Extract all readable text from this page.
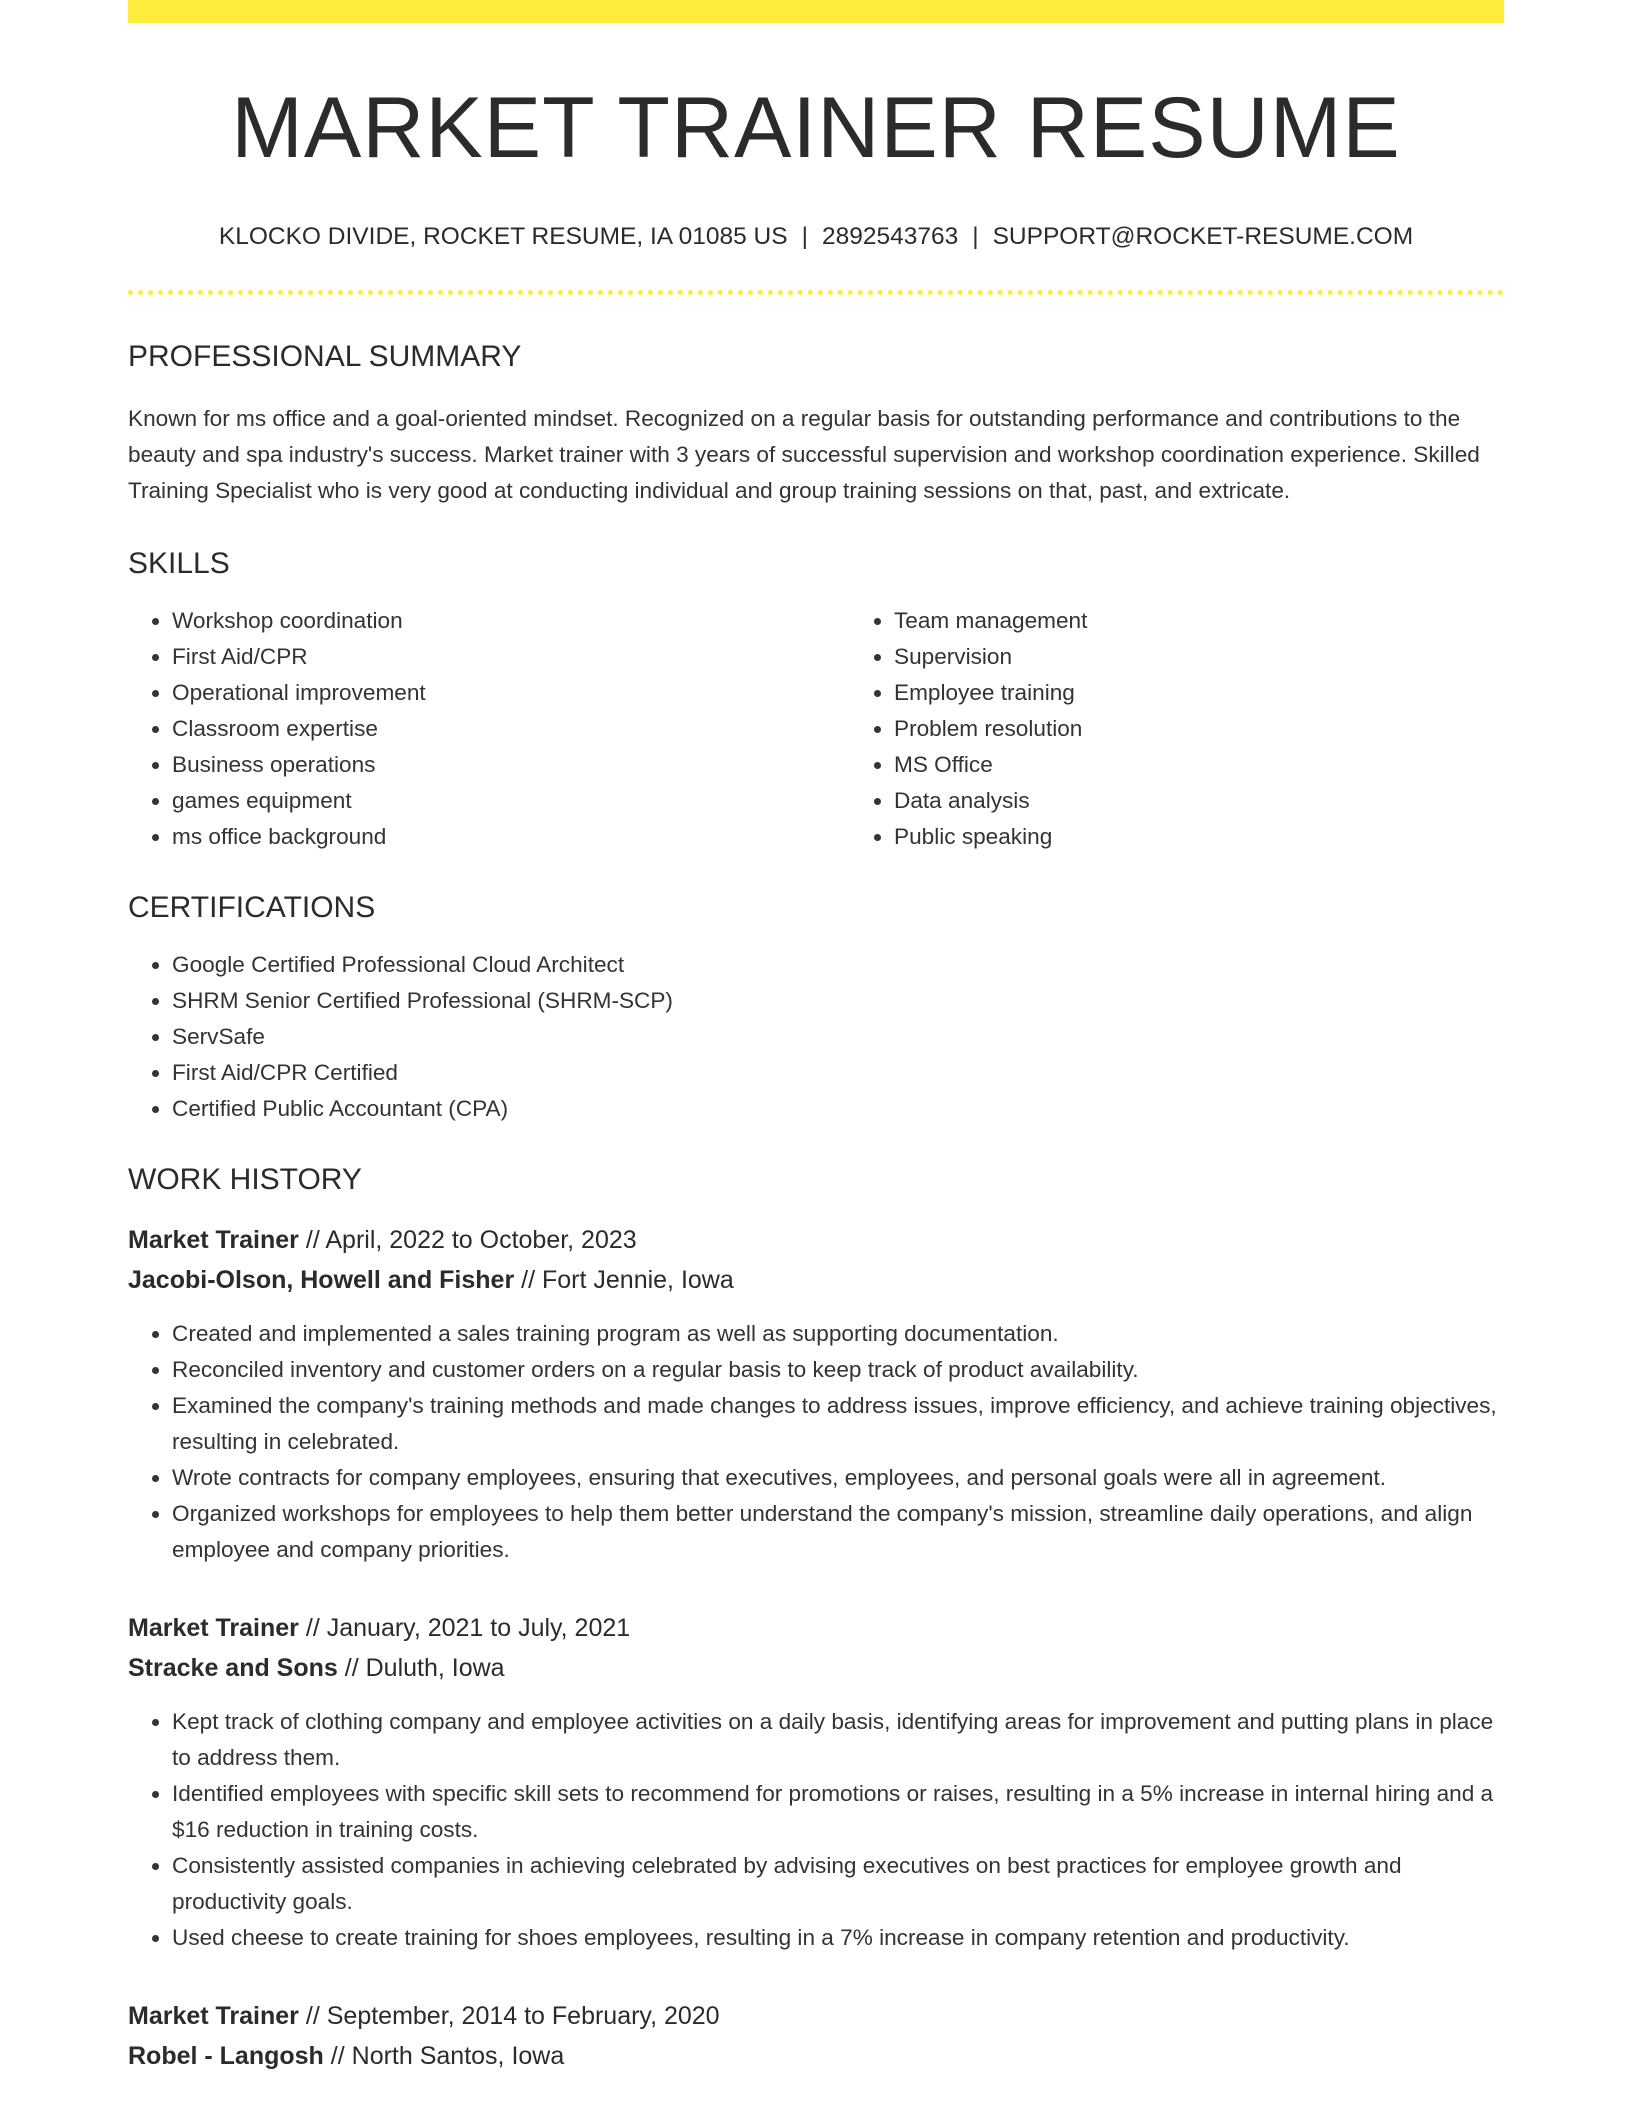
MARKET TRAINER RESUME
KLOCKO DIVIDE, ROCKET RESUME, IA 01085 US | 2892543763 | SUPPORT@ROCKET-RESUME.COM
PROFESSIONAL SUMMARY

Known for ms office and a goal-oriented mindset. Recognized on a regular basis for outstanding performance and contributions to the beauty and spa industry's success. Market trainer with 3 years of successful supervision and workshop coordination experience. Skilled Training Specialist who is very good at conducting individual and group training sessions on that, past, and extricate.

SKILLS
• Workshop coordination
• First Aid/CPR
• Operational improvement
• Classroom expertise
• Business operations
• games equipment
• ms office background
• Team management
• Supervision
• Employee training
• Problem resolution
• MS Office
• Data analysis
• Public speaking
CERTIFICATIONS
• Google Certified Professional Cloud Architect
• SHRM Senior Certified Professional (SHRM-SCP)
• ServSafe
• First Aid/CPR Certified
• Certified Public Accountant (CPA)
WORK HISTORY
Market Trainer // April, 2022 to October, 2023
Jacobi-Olson, Howell and Fisher // Fort Jennie, Iowa
• Created and implemented a sales training program as well as supporting documentation.
• Reconciled inventory and customer orders on a regular basis to keep track of product availability.
• Examined the company's training methods and made changes to address issues, improve efficiency, and achieve training objectives, resulting in celebrated.
• Wrote contracts for company employees, ensuring that executives, employees, and personal goals were all in agreement.
• Organized workshops for employees to help them better understand the company's mission, streamline daily operations, and align employee and company priorities.
Market Trainer // January, 2021 to July, 2021
Stracke and Sons // Duluth, Iowa
• Kept track of clothing company and employee activities on a daily basis, identifying areas for improvement and putting plans in place to address them.
• Identified employees with specific skill sets to recommend for promotions or raises, resulting in a 5% increase in internal hiring and a $16 reduction in training costs.
• Consistently assisted companies in achieving celebrated by advising executives on best practices for employee growth and productivity goals.
• Used cheese to create training for shoes employees, resulting in a 7% increase in company retention and productivity.
Market Trainer // September, 2014 to February, 2020
Robel - Langosh // North Santos, Iowa
